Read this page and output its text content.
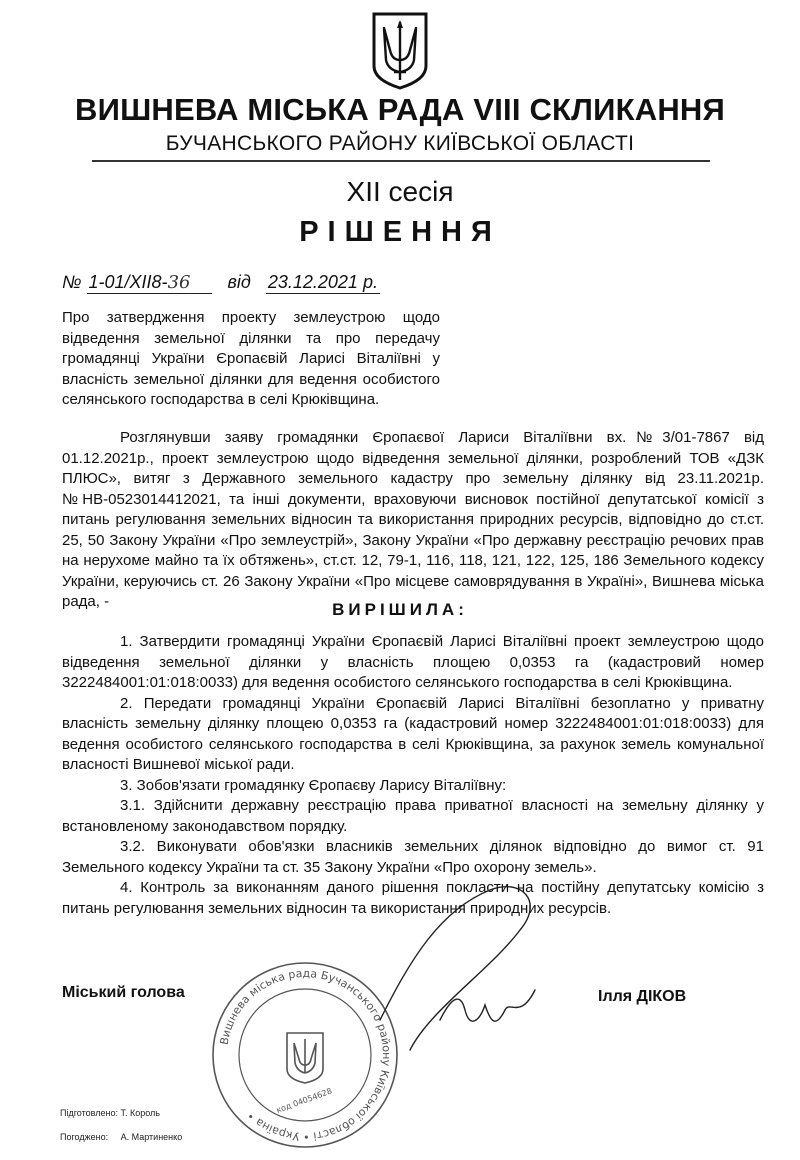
ВИШНЕВА МІСЬКА РАДА VIII СКЛИКАННЯ
БУЧАНСЬКОГО РАЙОНУ КИЇВСЬКОЇ ОБЛАСТІ
XII сесія
РІШЕННЯ
№ 1-01/XII8-36 від 23.12.2021 р.
Про затвердження проекту землеустрою щодо відведення земельної ділянки та про передачу громадянці України Єропаєвій Ларисі Віталіївні у власність земельної ділянки для ведення особистого селянського господарства в селі Крюківщина.

Розглянувши заяву громадянки Єропаєвої Лариси Віталіївни вх.№3/01-7867 від 01.12.2021р., проект землеустрою щодо відведення земельної ділянки, розроблений ТОВ «ДЗК ПЛЮС», витяг з Державного земельного кадастру про земельну ділянку від 23.11.2021р. №НВ-0523014412021, та інші документи, враховуючи висновок постійної депутатської комісії з питань регулювання земельних відносин та використання природних ресурсів, відповідно до ст.ст. 25, 50 Закону України «Про землеустрій», Закону України «Про державну реєстрацію речових прав на нерухоме майно та їх обтяжень», ст.ст. 12, 79-1, 116, 118, 121, 122, 125, 186 Земельного кодексу України, керуючись ст. 26 Закону України «Про місцеве самоврядування в Україні», Вишнева міська рада, -	ВИРІШИЛА:

1. Затвердити громадянці України Єропаєвій Ларисі Віталіївні проект землеустрою щодо відведення земельної ділянки у власність площею 0,0353 га (кадастровий номер 3222484001:01:018:0033) для ведення особистого селянського господарства в селі Крюківщина.

2. Передати громадянці України Єропаєвій Ларисі Віталіївні безоплатно у приватну власність земельну ділянку площею 0,0353 га (кадастровий номер 3222484001:01:018:0033) для ведення особистого селянського господарства в селі Крюківщина, за рахунок земель комунальної власності Вишневої міської ради.

3. Зобов'язати громадянку Єропаєву Ларису Віталіївну:

3.1. Здійснити державну реєстрацію права приватної власності на земельну ділянку у встановленому законодавством порядку.

3.2. Виконувати обов'язки власників земельних ділянок відповідно до вимог ст. 91 Земельного кодексу України та ст. 35 Закону України «Про охорону земель».

4. Контроль за виконанням даного рішення покласти на постійну депутатську комісію з питань регулювання земельних відносин та використання природних ресурсів.

Вишнева міська рада Бучанського району Київської області • Україна •
код 04054628
Міський голова	Ілля ДІКОВ
Підготовлено: Т. Король
Погоджено: А. Мартиненко
